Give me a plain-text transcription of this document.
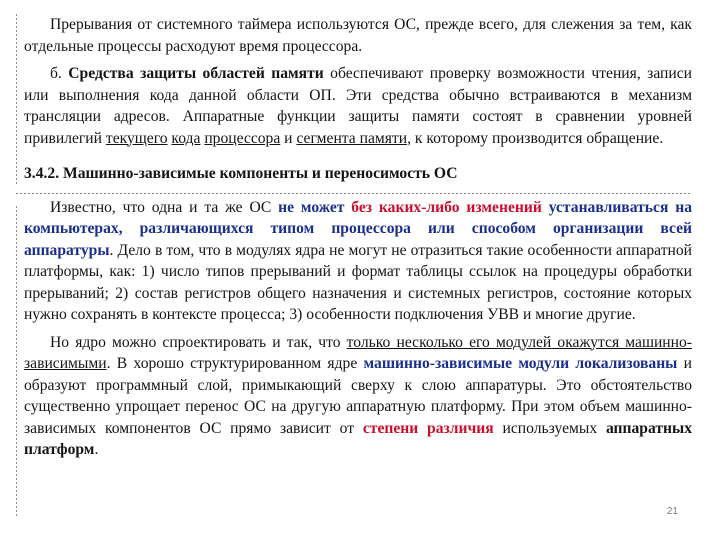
Прерывания от системного таймера используются ОС, прежде всего, для слежения за тем, как отдельные процессы расходуют время процессора.

б. Средства защиты областей памяти обеспечивают проверку возможности чтения, записи или выполнения кода данной области ОП. Эти средства обычно встраиваются в механизм трансляции адресов. Аппаратные функции защиты памяти состоят в сравнении уровней привилегий текущего кода процессора и сегмента памяти, к которому производится обращение.

3.4.2. Машинно-зависимые компоненты и переносимость ОС

Известно, что одна и та же ОС не может без каких-либо изменений устанавливаться на компьютерах, различающихся типом процессора или способом организации всей аппаратуры. Дело в том, что в модулях ядра не могут не отразиться такие особенности аппаратной платформы, как: 1) число типов прерываний и формат таблицы ссылок на процедуры обработки прерываний; 2) состав регистров общего назначения и системных регистров, состояние которых нужно сохранять в контексте процесса; 3) особенности подключения УВВ и многие другие.

Но ядро можно спроектировать и так, что только несколько его модулей окажутся машинно-зависимыми. В хорошо структурированном ядре машинно-зависимые модули локализованы и образуют программный слой, примыкающий сверху к слою аппаратуры. Это обстоятельство существенно упрощает перенос ОС на другую аппаратную платформу. При этом объем машинно-зависимых компонентов ОС прямо зависит от степени различия используемых аппаратных платформ.

21
